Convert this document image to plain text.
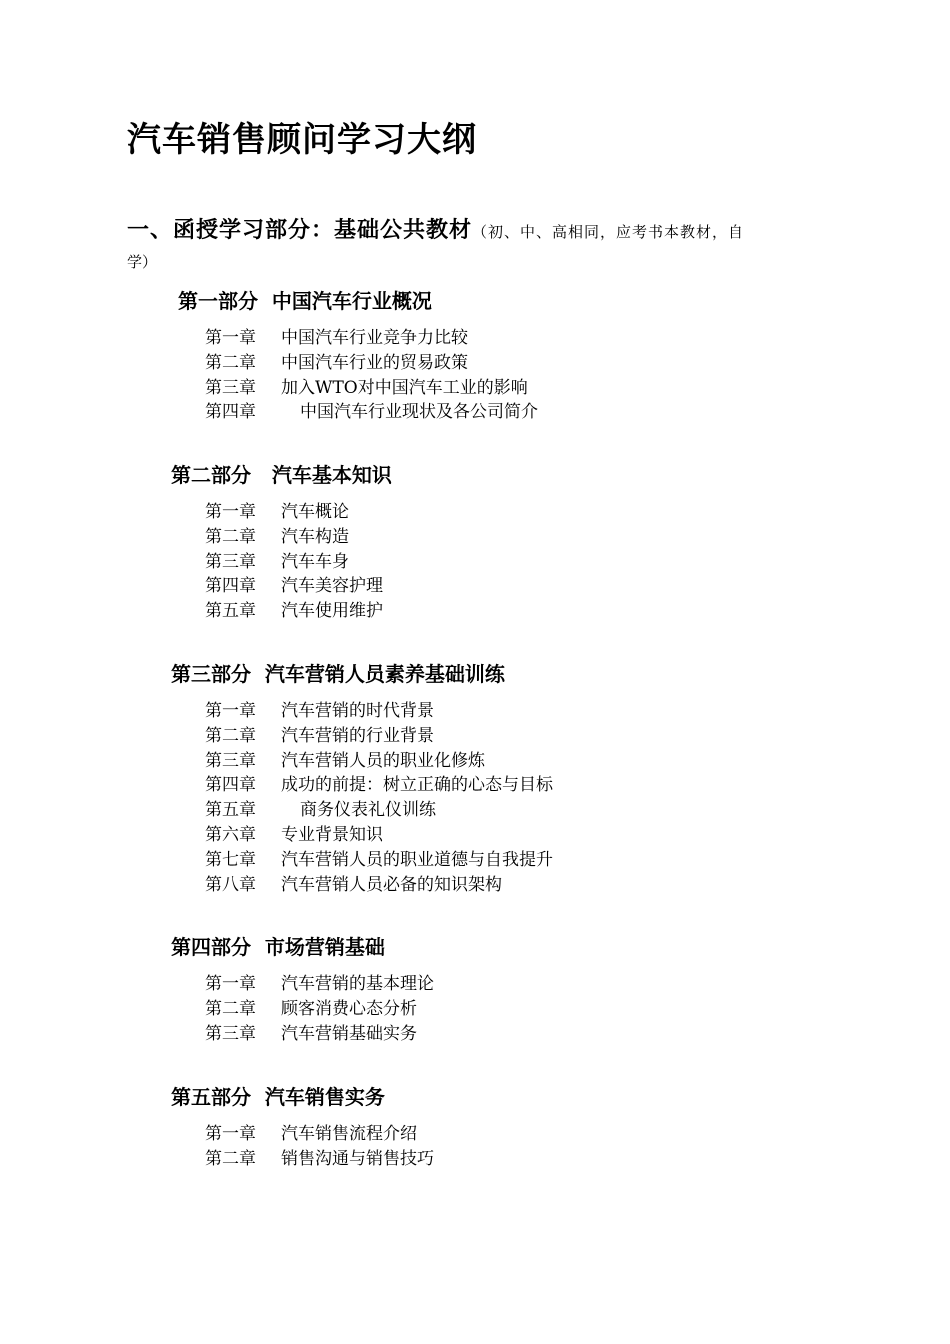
汽车销售顾问学习大纲
一、函授学习部分：基础公共教材（初、中、高相同，应考书本教材，自
学）
第一部分  中国汽车行业概况
第一章	中国汽车行业竞争力比较
第二章	中国汽车行业的贸易政策
第三章	加入WTO对中国汽车工业的影响
第四章	中国汽车行业现状及各公司简介
第二部分   汽车基本知识
第一章	汽车概论
第二章	汽车构造
第三章	汽车车身
第四章	汽车美容护理
第五章	汽车使用维护
第三部分  汽车营销人员素养基础训练
第一章	汽车营销的时代背景
第二章	汽车营销的行业背景
第三章	汽车营销人员的职业化修炼
第四章	成功的前提：树立正确的心态与目标
第五章	商务仪表礼仪训练
第六章	专业背景知识
第七章	汽车营销人员的职业道德与自我提升
第八章	汽车营销人员必备的知识架构
第四部分  市场营销基础
第一章	汽车营销的基本理论
第二章	顾客消费心态分析
第三章	汽车营销基础实务
第五部分  汽车销售实务
第一章	汽车销售流程介绍
第二章	销售沟通与销售技巧
